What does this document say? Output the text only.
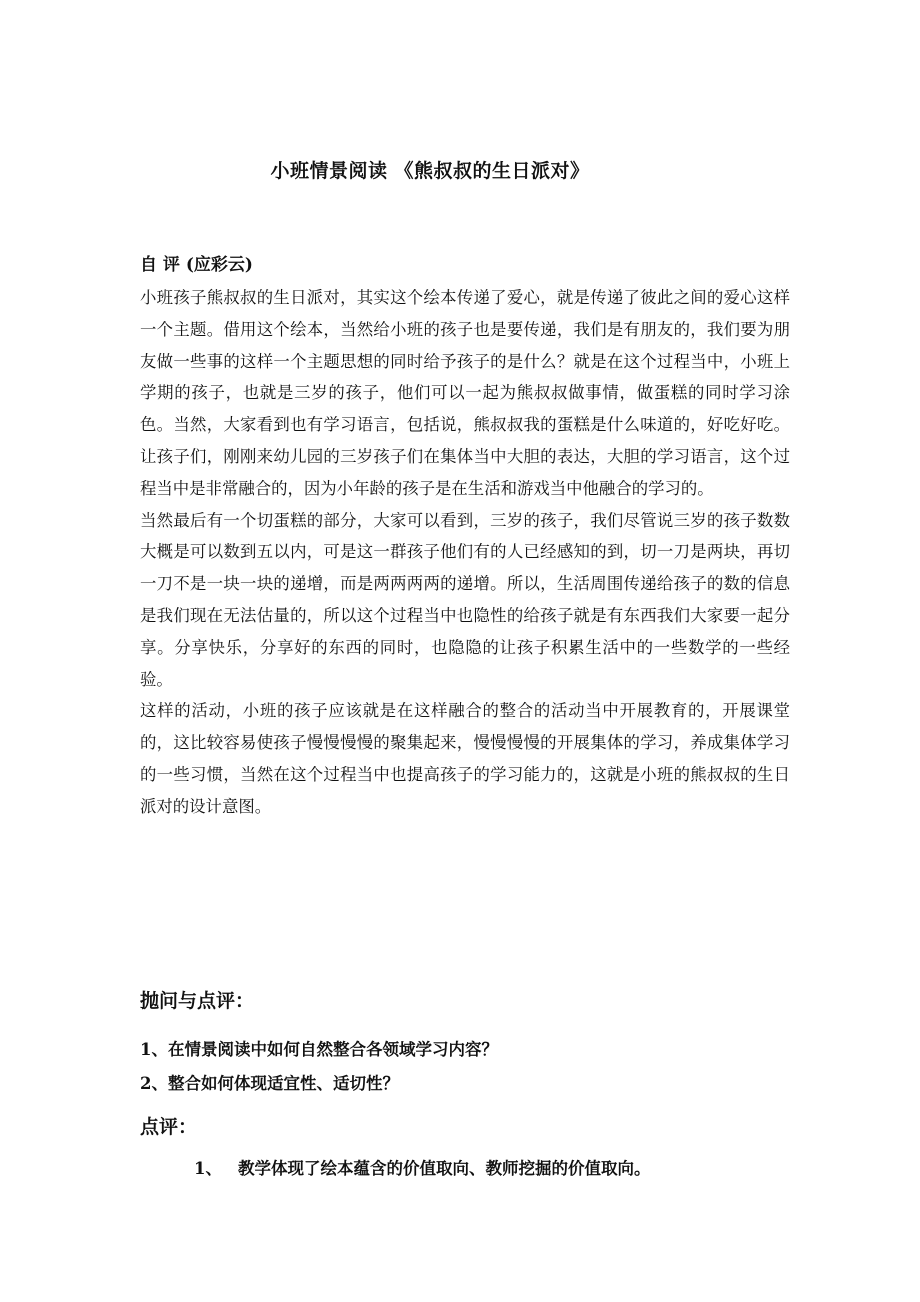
小班情景阅读 《熊叔叔的生日派对》
自 评 (应彩云)

小班孩子熊叔叔的生日派对，其实这个绘本传递了爱心，就是传递了彼此之间的爱心这样一个主题。借用这个绘本，当然给小班的孩子也是要传递，我们是有朋友的，我们要为朋友做一些事的这样一个主题思想的同时给予孩子的是什么？就是在这个过程当中，小班上学期的孩子，也就是三岁的孩子，他们可以一起为熊叔叔做事情，做蛋糕的同时学习涂色。当然，大家看到也有学习语言，包括说，熊叔叔我的蛋糕是什么味道的，好吃好吃。让孩子们，刚刚来幼儿园的三岁孩子们在集体当中大胆的表达，大胆的学习语言，这个过程当中是非常融合的，因为小年龄的孩子是在生活和游戏当中他融合的学习的。

当然最后有一个切蛋糕的部分，大家可以看到，三岁的孩子，我们尽管说三岁的孩子数数大概是可以数到五以内，可是这一群孩子他们有的人已经感知的到，切一刀是两块，再切一刀不是一块一块的递增，而是两两两两的递增。所以，生活周围传递给孩子的数的信息是我们现在无法估量的，所以这个过程当中也隐性的给孩子就是有东西我们大家要一起分享。分享快乐，分享好的东西的同时，也隐隐的让孩子积累生活中的一些数学的一些经验。

这样的活动，小班的孩子应该就是在这样融合的整合的活动当中开展教育的，开展课堂的，这比较容易使孩子慢慢慢慢的聚集起来，慢慢慢慢的开展集体的学习，养成集体学习的一些习惯，当然在这个过程当中也提高孩子的学习能力的，这就是小班的熊叔叔的生日派对的设计意图。

抛问与点评：
1、在情景阅读中如何自然整合各领域学习内容？
2、整合如何体现适宜性、适切性？
点评：
1、 教学体现了绘本蕴含的价值取向、教师挖掘的价值取向。
